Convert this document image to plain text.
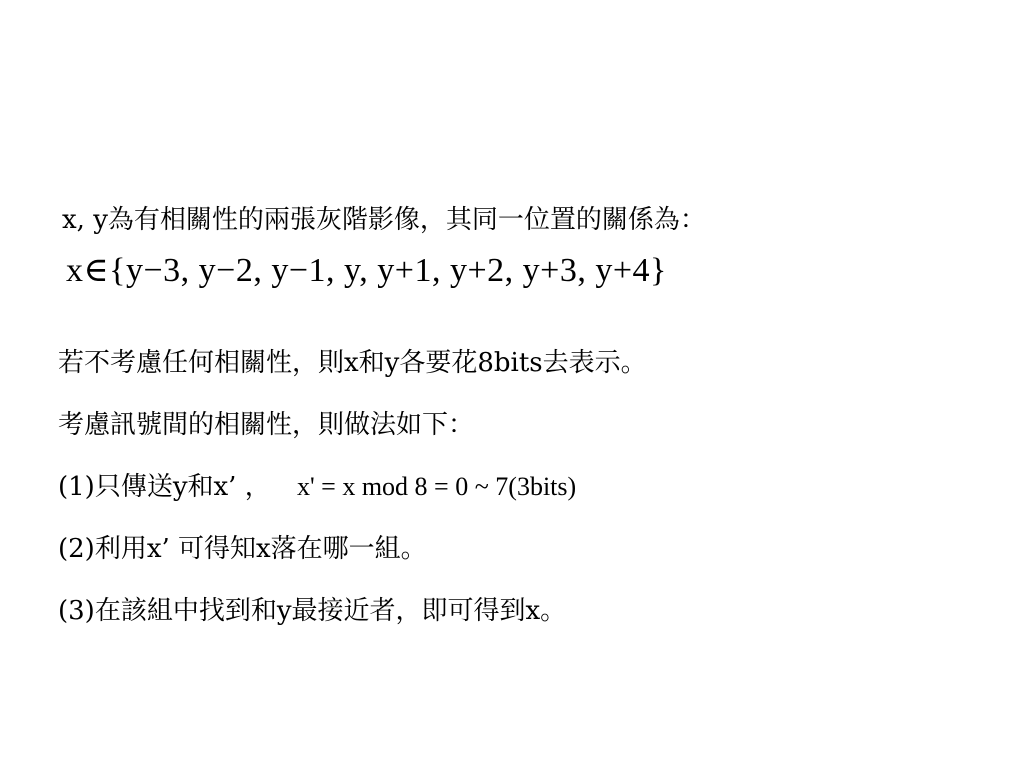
x, y為有相關性的兩張灰階影像，其同一位置的關係為：
x∈{y−3, y−2, y−1, y, y+1, y+2, y+3, y+4}
若不考慮任何相關性，則x和y各要花8bits去表示。
考慮訊號間的相關性，則做法如下：
(1)只傳送y和x’ ， x' = x mod 8 = 0 ~ 7(3bits)
(2)利用x’ 可得知x落在哪一組。
(3)在該組中找到和y最接近者，即可得到x。
